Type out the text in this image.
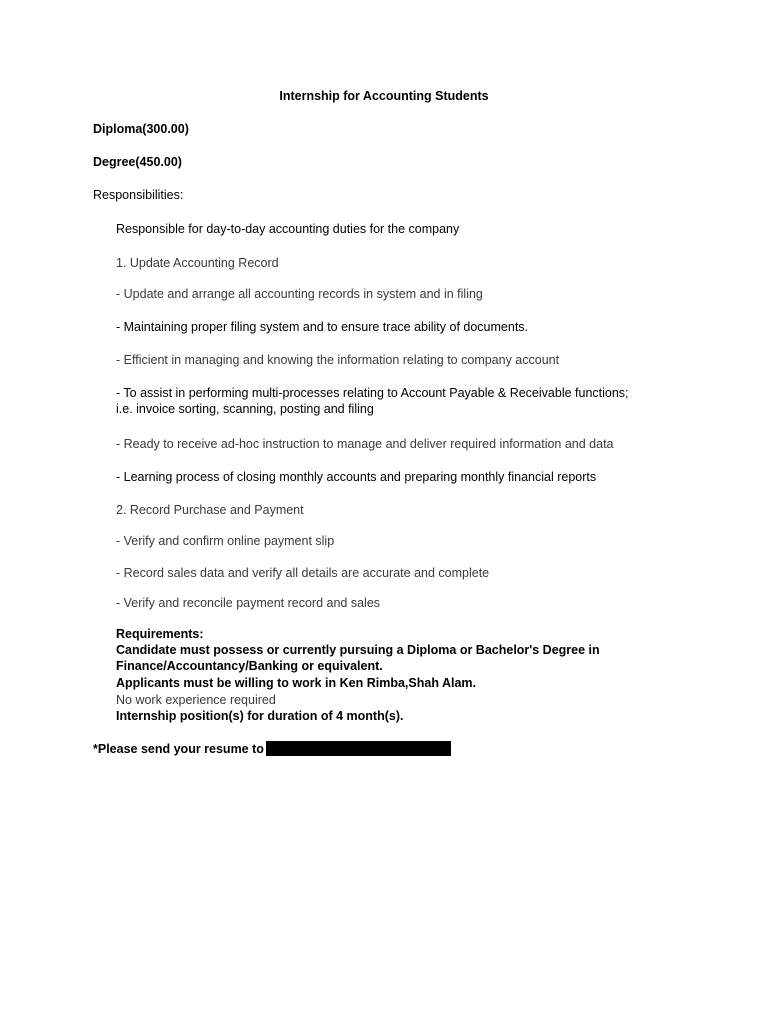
Internship for Accounting Students
Diploma(300.00)
Degree(450.00)
Responsibilities:
Responsible for day-to-day accounting duties for the company
1. Update Accounting Record
- Update and arrange all accounting records in system and in filing
- Maintaining proper filing system and to ensure trace ability of documents.
- Efficient in managing and knowing the information relating to company account
- To assist in performing multi-processes relating to Account Payable & Receivable functions;
i.e. invoice sorting, scanning, posting and filing
- Ready to receive ad-hoc instruction to manage and deliver required information and data
- Learning process of closing monthly accounts and preparing monthly financial reports
2. Record Purchase and Payment
- Verify and confirm online payment slip
- Record sales data and verify all details are accurate and complete
- Verify and reconcile payment record and sales
Requirements:
Candidate must possess or currently pursuing a Diploma or Bachelor's Degree in
Finance/Accountancy/Banking or equivalent.
Applicants must be willing to work in Ken Rimba,Shah Alam.
No work experience required
Internship position(s) for duration of 4 month(s).
*Please send your resume to
